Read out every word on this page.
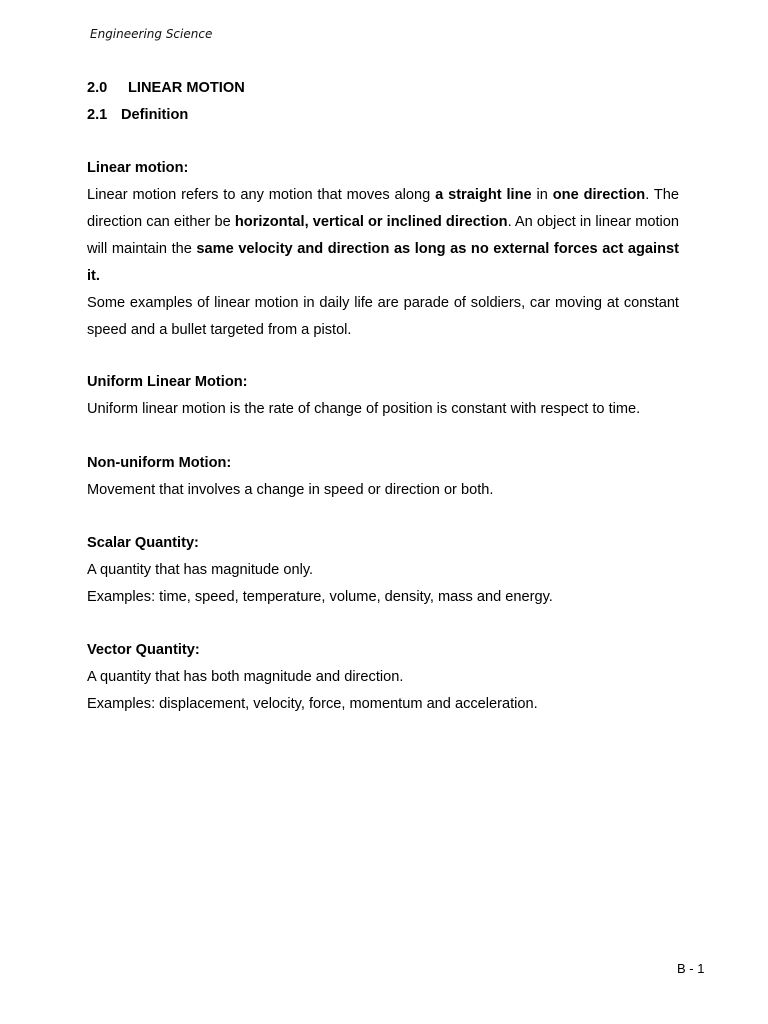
Engineering Science
2.0 LINEAR MOTION
2.1 Definition
Linear motion:

Linear motion refers to any motion that moves along a straight line in one direction. The direction can either be horizontal, vertical or inclined direction. An object in linear motion will maintain the same velocity and direction as long as no external forces act against it.

Some examples of linear motion in daily life are parade of soldiers, car moving at constant speed and a bullet targeted from a pistol.

Uniform Linear Motion:
Uniform linear motion is the rate of change of position is constant with respect to time.
Non-uniform Motion:
Movement that involves a change in speed or direction or both.
Scalar Quantity:
A quantity that has magnitude only.
Examples: time, speed, temperature, volume, density, mass and energy.
Vector Quantity:
A quantity that has both magnitude and direction.
Examples: displacement, velocity, force, momentum and acceleration.
B - 1
